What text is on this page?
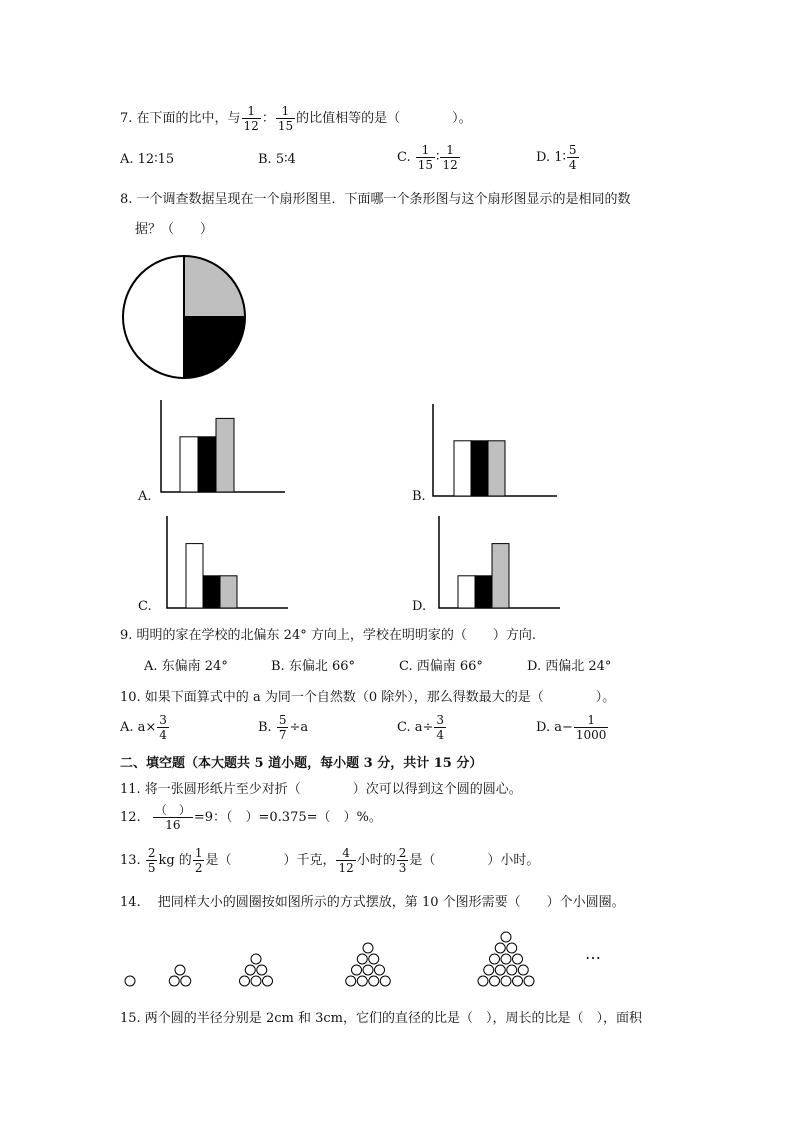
7. 在下面的比中，与 $\frac{1}{12}$ ： $\frac{1}{15}$ 的比值相等的是（　　　　）。
A. 12∶15	B. 5∶4	C. $\frac{1}{15}$ ∶ $\frac{1}{12}$	D. 1∶ $\frac{5}{4}$
8. 一个调查数据呈现在一个扇形图里．下面哪一个条形图与这个扇形图显示的是相同的数
据？（　　）
A.	B.
C.	D.
9. 明明的家在学校的北偏东 24° 方向上，学校在明明家的（　　）方向.
A. 东偏南 24°	B. 东偏北 66°	C. 西偏南 66°	D. 西偏北 24°
10. 如果下面算式中的 a 为同一个自然数（0 除外），那么得数最大的是（　　　　）。
A. $a\times \frac{3}{4}$	B. $\frac{5}{7} \div a$	C. $a\div \frac{3}{4}$	D. $a- \frac{1}{1000}$
二、填空题（本大题共 5 道小题，每小题 3 分，共计 15 分）
11. 将一张圆形纸片至少对折（　　　　）次可以得到这个圆的圆心。
12. $\frac{( )}{16} =9$：（　）=0.375=（　）%。
13. $\frac{2}{5}$ kg 的 $\frac{1}{2}$ 是（　　　　）千克， $\frac{4}{12}$ 小时的 $\frac{2}{3}$ 是（　　　　）小时。
14. 　把同样大小的圆圈按如图所示的方式摆放，第 10 个图形需要（　　）个小圆圈。
…
15. 两个圆的半径分别是 2cm 和 3cm，它们的直径的比是（　），周长的比是（　），面积
